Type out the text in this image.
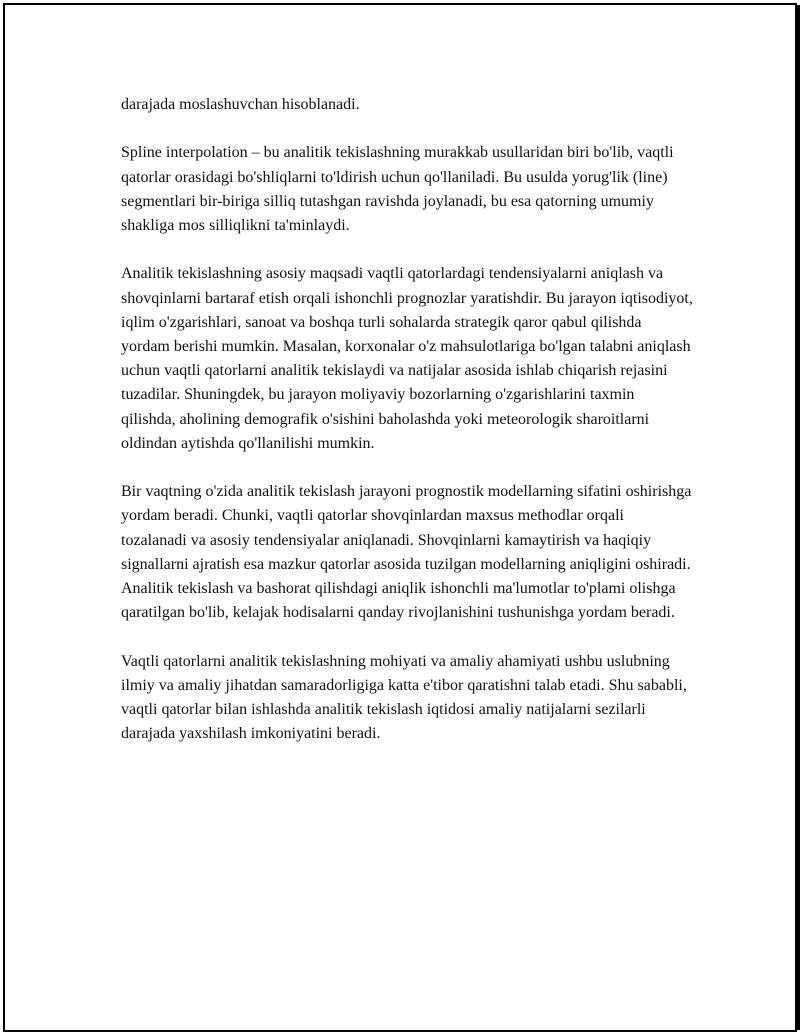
darajada moslashuvchan hisoblanadi.

Spline interpolation – bu analitik tekislashning murakkab usullaridan biri bo'lib, vaqtli qatorlar orasidagi bo'shliqlarni to'ldirish uchun qo'llaniladi. Bu usulda yorug'lik (line) segmentlari bir-biriga silliq tutashgan ravishda joylanadi, bu esa qatorning umumiy shakliga mos silliqlikni ta'minlaydi.

Analitik tekislashning asosiy maqsadi vaqtli qatorlardagi tendensiyalarni aniqlash va shovqinlarni bartaraf etish orqali ishonchli prognozlar yaratishdir. Bu jarayon iqtisodiyot, iqlim o'zgarishlari, sanoat va boshqa turli sohalarda strategik qaror qabul qilishda yordam berishi mumkin. Masalan, korxonalar o'z mahsulotlariga bo'lgan talabni aniqlash uchun vaqtli qatorlarni analitik tekislaydi va natijalar asosida ishlab chiqarish rejasini tuzadilar. Shuningdek, bu jarayon moliyaviy bozorlarning o'zgarishlarini taxmin qilishda, aholining demografik o'sishini baholashda yoki meteorologik sharoitlarni oldindan aytishda qo'llanilishi mumkin.

Bir vaqtning o'zida analitik tekislash jarayoni prognostik modellarning sifatini oshirishga yordam beradi. Chunki, vaqtli qatorlar shovqinlardan maxsus methodlar orqali tozalanadi va asosiy tendensiyalar aniqlanadi. Shovqinlarni kamaytirish va haqiqiy signallarni ajratish esa mazkur qatorlar asosida tuzilgan modellarning aniqligini oshiradi. Analitik tekislash va bashorat qilishdagi aniqlik ishonchli ma'lumotlar to'plami olishga qaratilgan bo'lib, kelajak hodisalarni qanday rivojlanishini tushunishga yordam beradi.

Vaqtli qatorlarni analitik tekislashning mohiyati va amaliy ahamiyati ushbu uslubning ilmiy va amaliy jihatdan samaradorligiga katta e'tibor qaratishni talab etadi. Shu sababli, vaqtli qatorlar bilan ishlashda analitik tekislash iqtidosi amaliy natijalarni sezilarli darajada yaxshilash imkoniyatini beradi.
